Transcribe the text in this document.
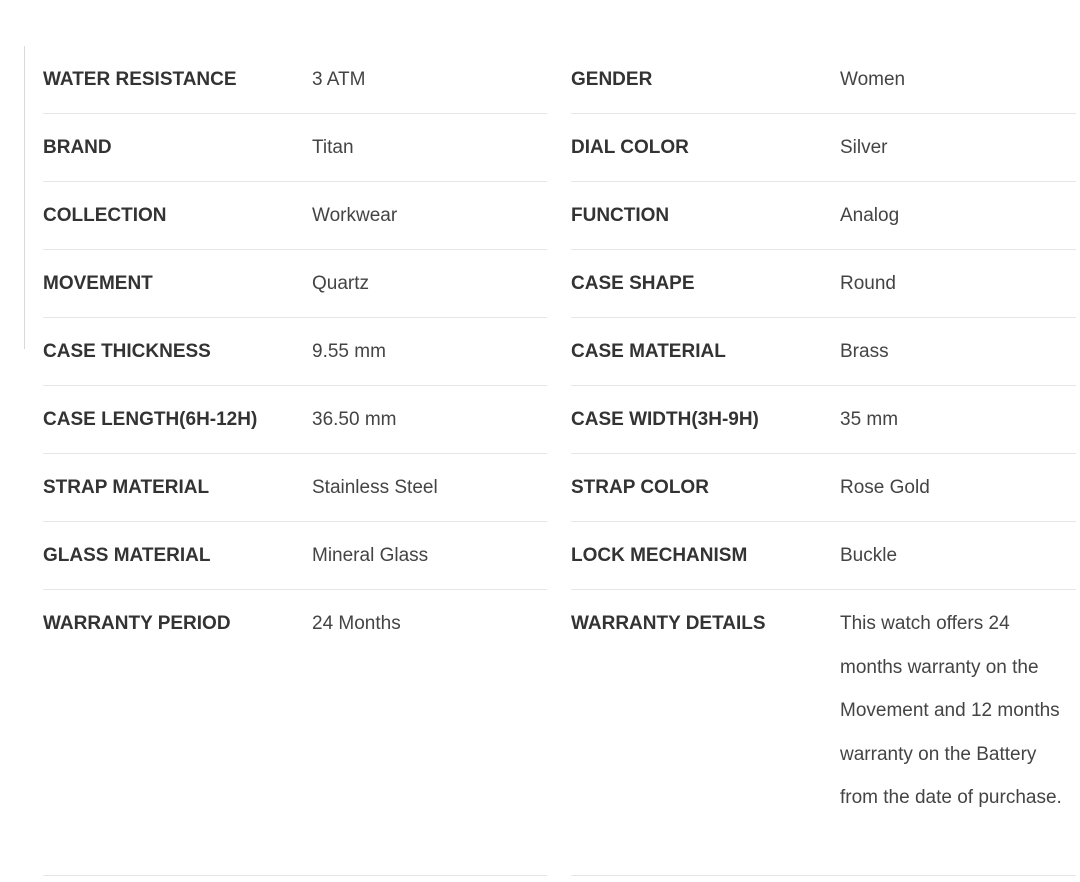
WATER RESISTANCE	3 ATM
BRAND	Titan
COLLECTION	Workwear
MOVEMENT	Quartz
CASE THICKNESS	9.55 mm
CASE LENGTH(6H-12H)	36.50 mm
STRAP MATERIAL	Stainless Steel
GLASS MATERIAL	Mineral Glass
WARRANTY PERIOD	24 Months
GENDER	Women
DIAL COLOR	Silver
FUNCTION	Analog
CASE SHAPE	Round
CASE MATERIAL	Brass
CASE WIDTH(3H-9H)	35 mm
STRAP COLOR	Rose Gold
LOCK MECHANISM	Buckle
WARRANTY DETAILS	This watch offers 24 months warranty on the Movement and 12 months warranty on the Battery from the date of purchase.
